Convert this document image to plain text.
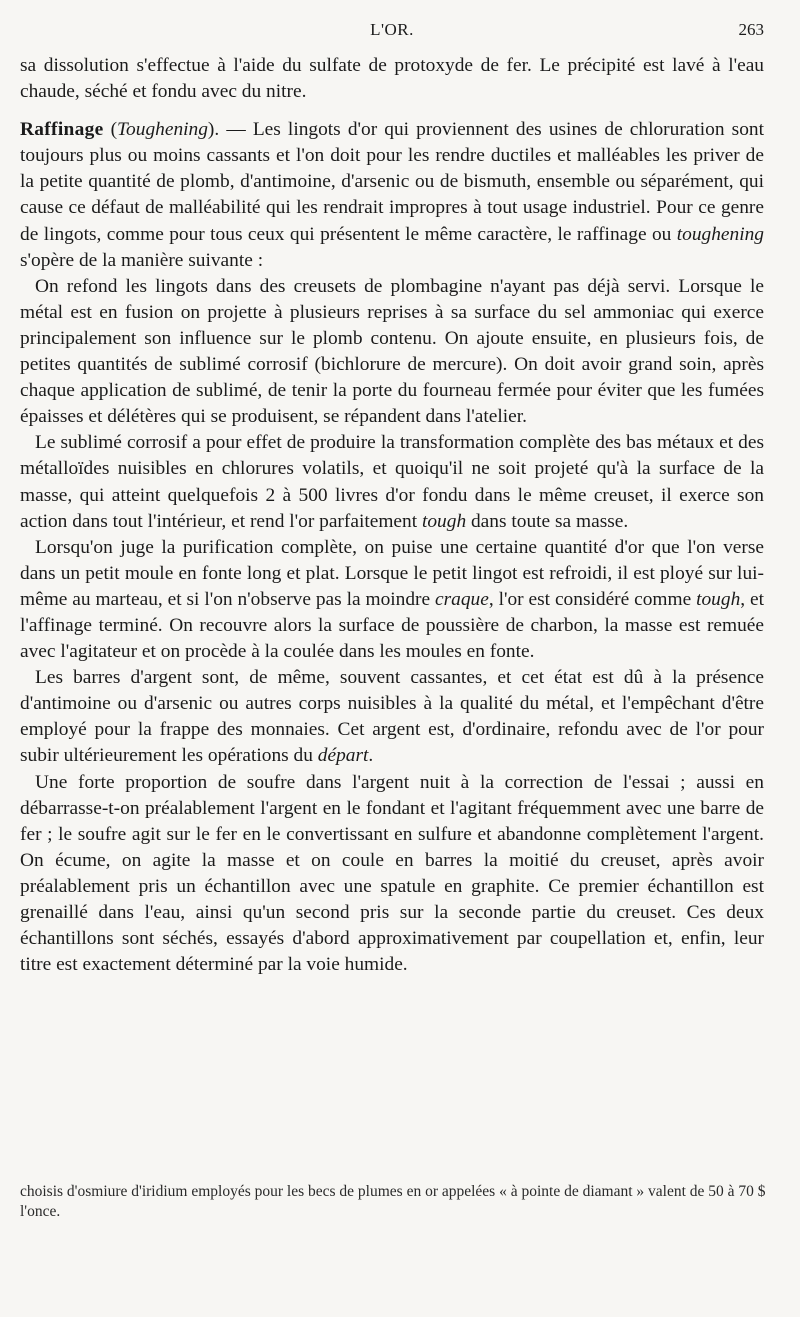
L'OR.	263

sa dissolution s'effectue à l'aide du sulfate de protoxyde de fer. Le précipité est lavé à l'eau chaude, séché et fondu avec du nitre.

Raffinage (Toughening). — Les lingots d'or qui proviennent des usines de chloruration sont toujours plus ou moins cassants et l'on doit pour les rendre ductiles et malléables les priver de la petite quantité de plomb, d'antimoine, d'arsenic ou de bismuth, ensemble ou séparément, qui cause ce défaut de malléabilité qui les rendrait impropres à tout usage industriel. Pour ce genre de lingots, comme pour tous ceux qui présentent le même caractère, le raffinage ou toughening s'opère de la manière suivante :

On refond les lingots dans des creusets de plombagine n'ayant pas déjà servi. Lorsque le métal est en fusion on projette à plusieurs reprises à sa surface du sel ammoniac qui exerce principalement son influence sur le plomb contenu. On ajoute ensuite, en plusieurs fois, de petites quantités de sublimé corrosif (bichlorure de mercure). On doit avoir grand soin, après chaque application de sublimé, de tenir la porte du fourneau fermée pour éviter que les fumées épaisses et délétères qui se produisent, se répandent dans l'atelier.

Le sublimé corrosif a pour effet de produire la transformation complète des bas métaux et des métalloïdes nuisibles en chlorures volatils, et quoiqu'il ne soit projeté qu'à la surface de la masse, qui atteint quelquefois 2 à 500 livres d'or fondu dans le même creuset, il exerce son action dans tout l'intérieur, et rend l'or parfaitement tough dans toute sa masse.

Lorsqu'on juge la purification complète, on puise une certaine quantité d'or que l'on verse dans un petit moule en fonte long et plat. Lorsque le petit lingot est refroidi, il est ployé sur lui-même au marteau, et si l'on n'observe pas la moindre craque, l'or est considéré comme tough, et l'affinage terminé. On recouvre alors la surface de poussière de charbon, la masse est remuée avec l'agitateur et on procède à la coulée dans les moules en fonte.

Les barres d'argent sont, de même, souvent cassantes, et cet état est dû à la présence d'antimoine ou d'arsenic ou autres corps nuisibles à la qualité du métal, et l'empêchant d'être employé pour la frappe des monnaies. Cet argent est, d'ordinaire, refondu avec de l'or pour subir ultérieurement les opérations du départ.

Une forte proportion de soufre dans l'argent nuit à la correction de l'essai ; aussi en débarrasse-t-on préalablement l'argent en le fondant et l'agitant fréquemment avec une barre de fer ; le soufre agit sur le fer en le convertissant en sulfure et abandonne complètement l'argent. On écume, on agite la masse et on coule en barres la moitié du creuset, après avoir préalablement pris un échantillon avec une spatule en graphite. Ce premier échantillon est grenaillé dans l'eau, ainsi qu'un second pris sur la seconde partie du creuset. Ces deux échantillons sont séchés, essayés d'abord approximativement par coupellation et, enfin, leur titre est exactement déterminé par la voie humide.

choisis d'osmiure d'iridium employés pour les becs de plumes en or appelées « à pointe de diamant » valent de 50 à 70 $ l'once.
